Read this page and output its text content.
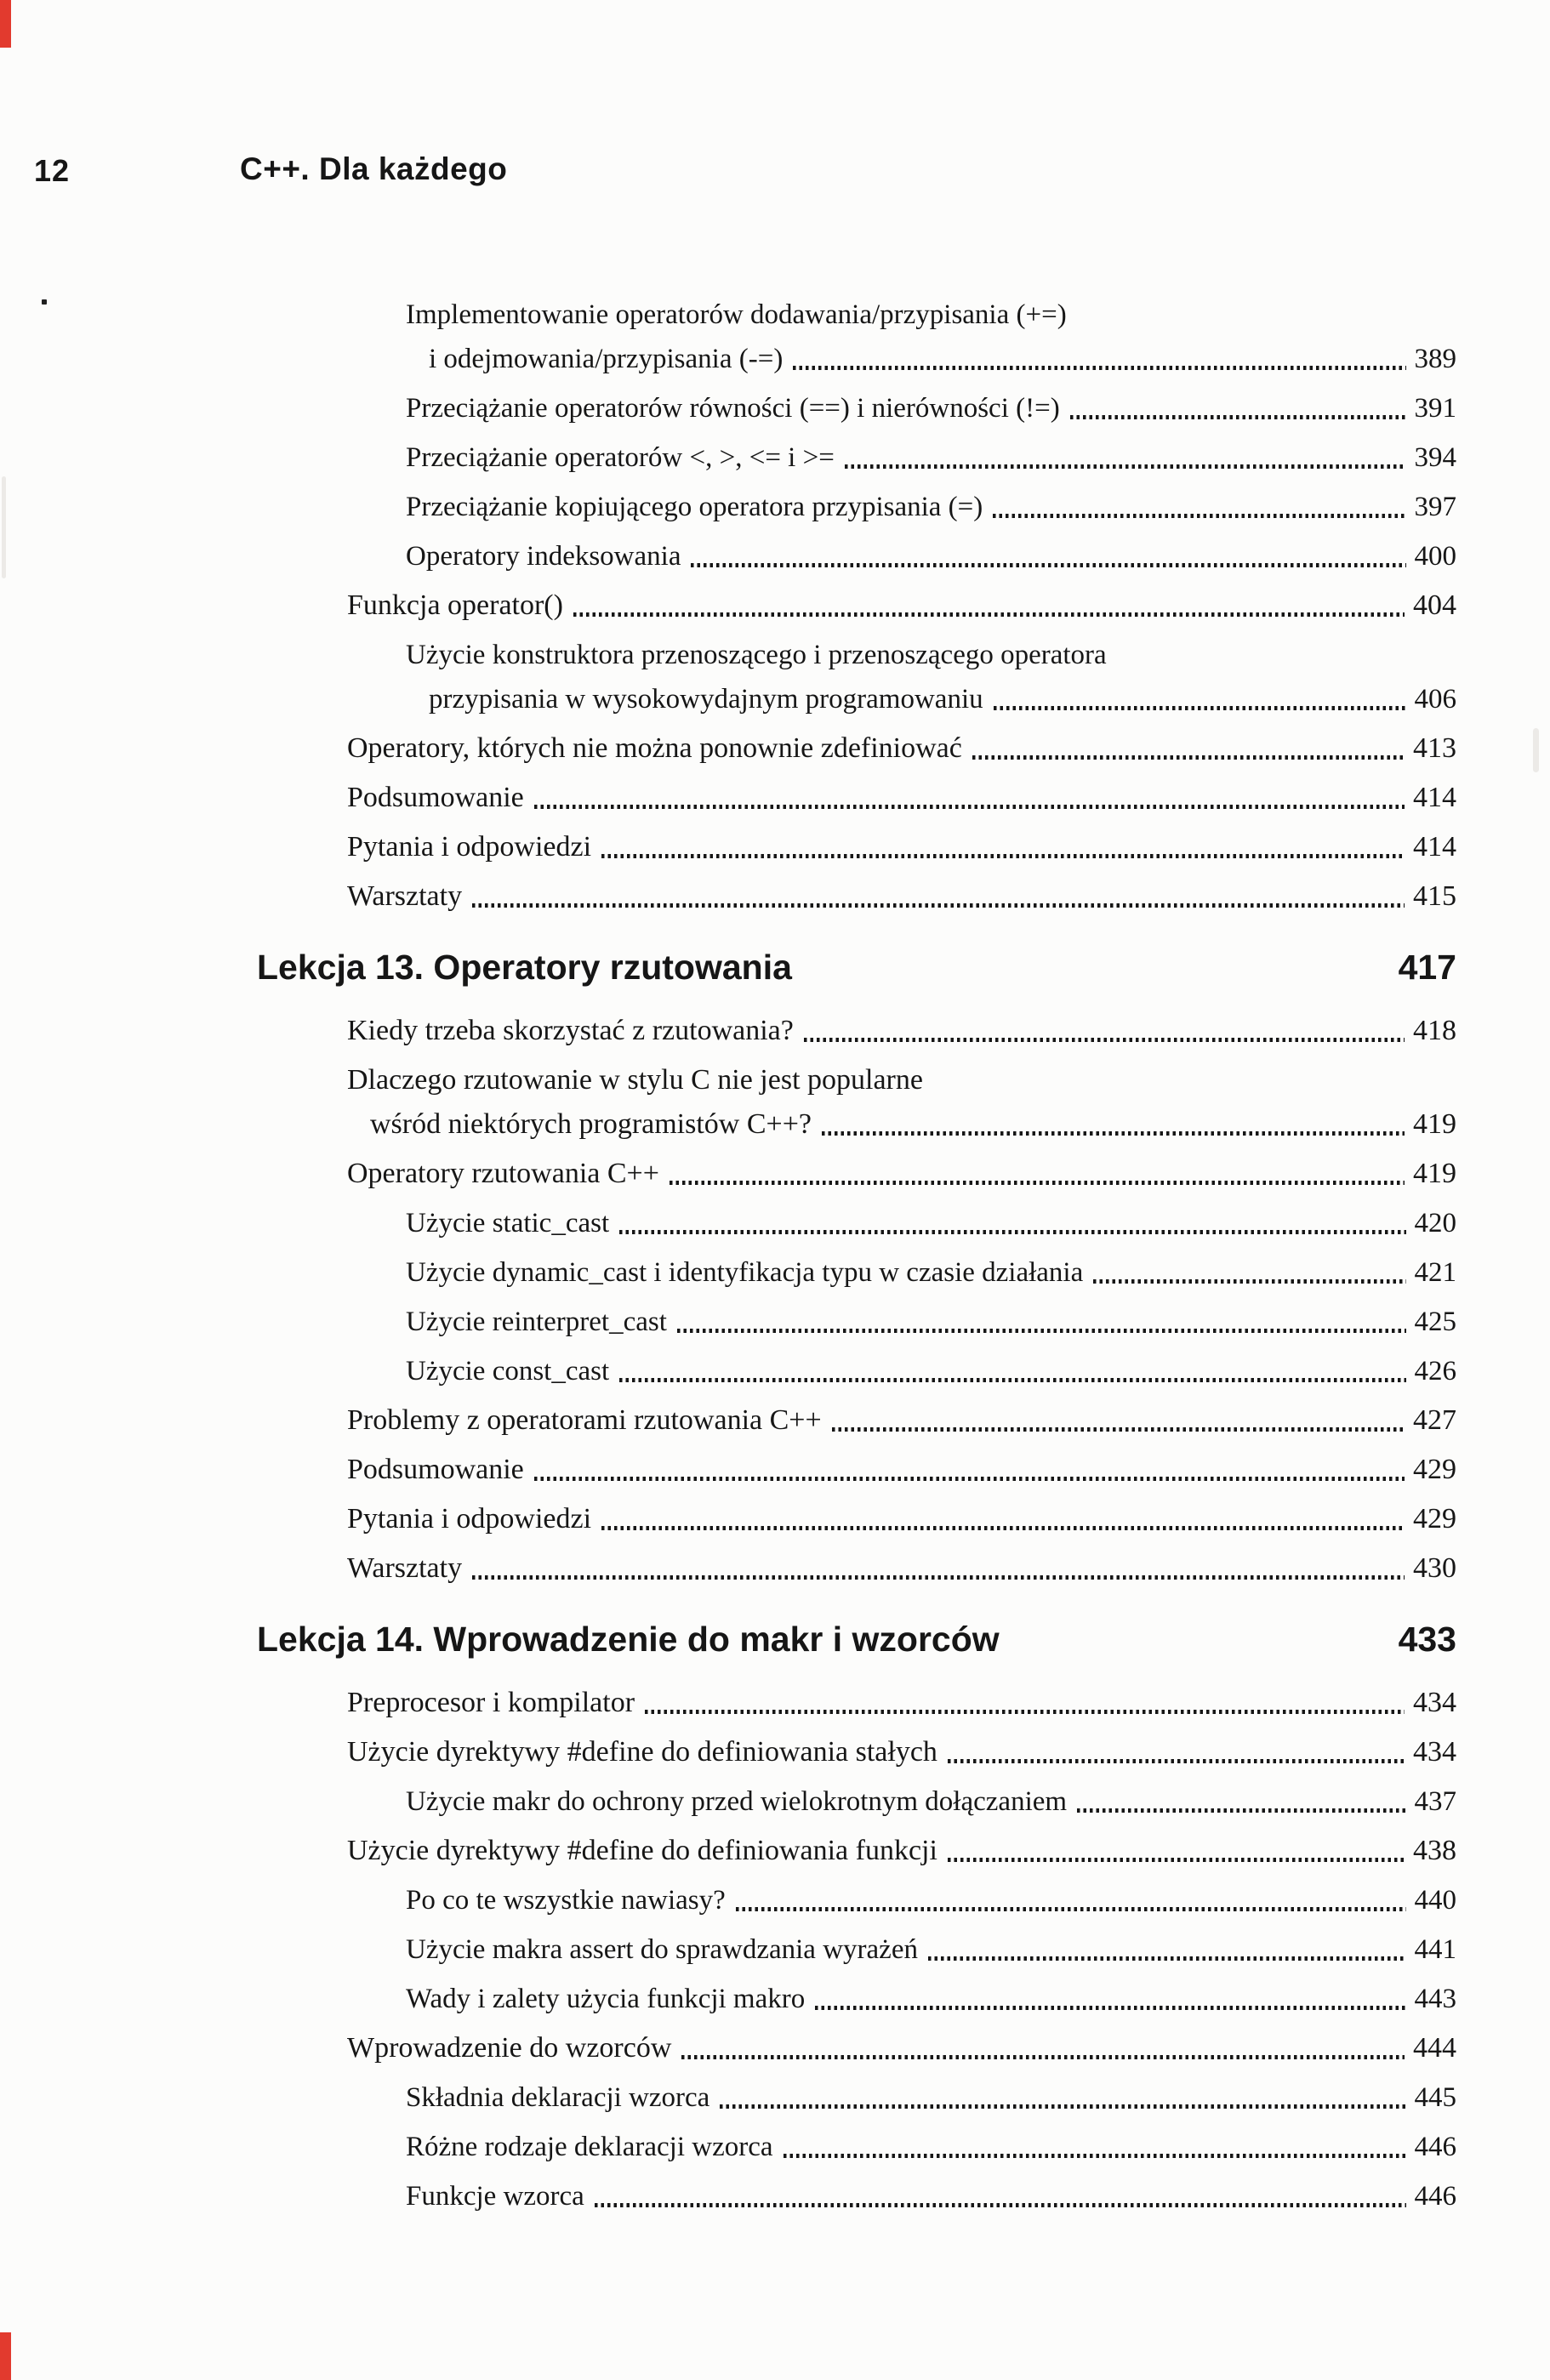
12	C++. Dla każdego
Implementowanie operatorów dodawania/przypisania (+=)
i odejmowania/przypisania (-=)	389
Przeciążanie operatorów równości (==) i nierówności (!=)	391
Przeciążanie operatorów <, >, <= i >=	394
Przeciążanie kopiującego operatora przypisania (=)	397
Operatory indeksowania	400
Funkcja operator()	404
Użycie konstruktora przenoszącego i przenoszącego operatora
przypisania w wysokowydajnym programowaniu	406
Operatory, których nie można ponownie zdefiniować	413
Podsumowanie	414
Pytania i odpowiedzi	414
Warsztaty	415
Lekcja 13. Operatory rzutowania	417
Kiedy trzeba skorzystać z rzutowania?	418
Dlaczego rzutowanie w stylu C nie jest popularne
wśród niektórych programistów C++?	419
Operatory rzutowania C++	419
Użycie static_cast	420
Użycie dynamic_cast i identyfikacja typu w czasie działania	421
Użycie reinterpret_cast	425
Użycie const_cast	426
Problemy z operatorami rzutowania C++	427
Podsumowanie	429
Pytania i odpowiedzi	429
Warsztaty	430
Lekcja 14. Wprowadzenie do makr i wzorców	433
Preprocesor i kompilator	434
Użycie dyrektywy #define do definiowania stałych	434
Użycie makr do ochrony przed wielokrotnym dołączaniem	437
Użycie dyrektywy #define do definiowania funkcji	438
Po co te wszystkie nawiasy?	440
Użycie makra assert do sprawdzania wyrażeń	441
Wady i zalety użycia funkcji makro	443
Wprowadzenie do wzorców	444
Składnia deklaracji wzorca	445
Różne rodzaje deklaracji wzorca	446
Funkcje wzorca	446
